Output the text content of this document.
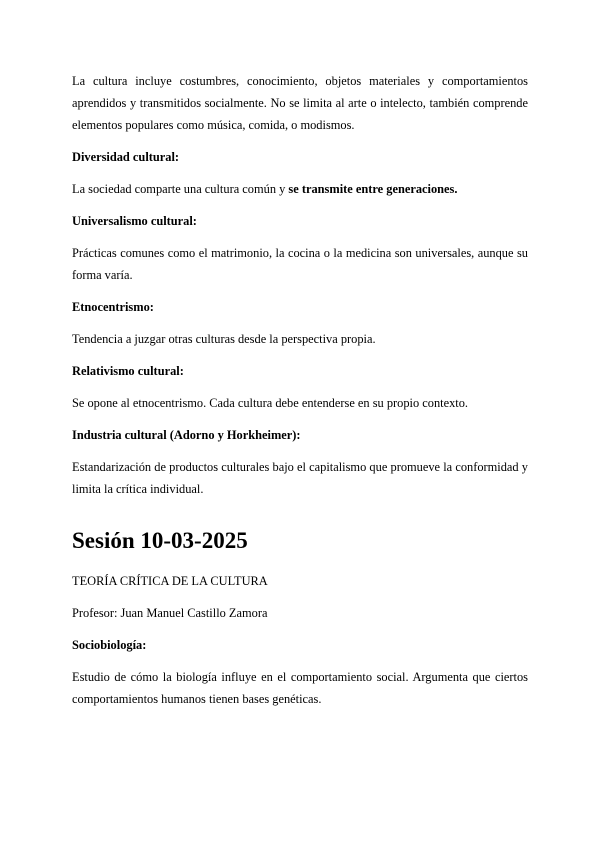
La cultura incluye costumbres, conocimiento, objetos materiales y comportamientos aprendidos y transmitidos socialmente. No se limita al arte o intelecto, también comprende elementos populares como música, comida, o modismos.

Diversidad cultural:

La sociedad comparte una cultura común y se transmite entre generaciones.

Universalismo cultural:

Prácticas comunes como el matrimonio, la cocina o la medicina son universales, aunque su forma varía.

Etnocentrismo:

Tendencia a juzgar otras culturas desde la perspectiva propia.

Relativismo cultural:

Se opone al etnocentrismo. Cada cultura debe entenderse en su propio contexto.

Industria cultural (Adorno y Horkheimer):

Estandarización de productos culturales bajo el capitalismo que promueve la conformidad y limita la crítica individual.

Sesión 10-03-2025

TEORÍA CRÍTICA DE LA CULTURA

Profesor: Juan Manuel Castillo Zamora

Sociobiología:

Estudio de cómo la biología influye en el comportamiento social. Argumenta que ciertos comportamientos humanos tienen bases genéticas.
